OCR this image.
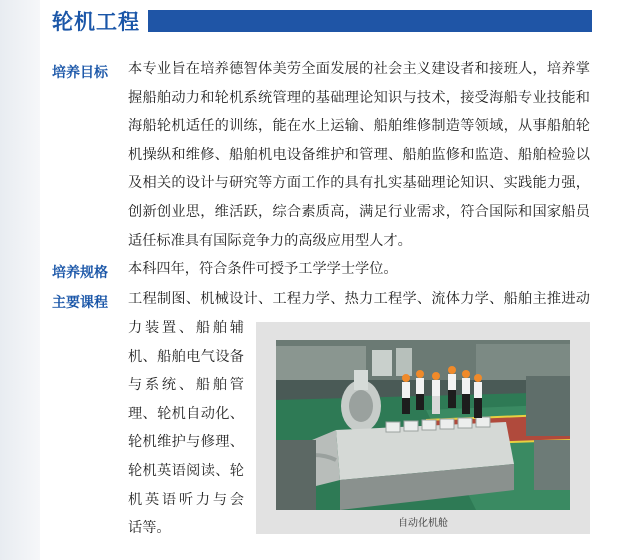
轮机工程
培养目标 本专业旨在培养德智体美劳全面发展的社会主义建设者和接班人，培养掌
握船舶动力和轮机系统管理的基础理论知识与技术，接受海船专业技能和
海船轮机适任的训练，能在水上运输、船舶维修制造等领域，从事船舶轮
机操纵和维修、船舶机电设备维护和管理、船舶监修和监造、船舶检验以
及相关的设计与研究等方面工作的具有扎实基础理论知识、实践能力强，
创新创业思，维活跃，综合素质高，满足行业需求，符合国际和国家船员
适任标准具有国际竞争力的高级应用型人才。
培养规格 本科四年，符合条件可授予工学学士学位。
主要课程 工程制图、机械设计、工程力学、热力工程学、流体力学、船舶主推进动
力装置、船舶辅
机、船舶电气设备
与系统、船舶管
理、轮机自动化、
轮机维护与修理、
轮机英语阅读、轮
机英语听力与会
话等。	自动化机舱
